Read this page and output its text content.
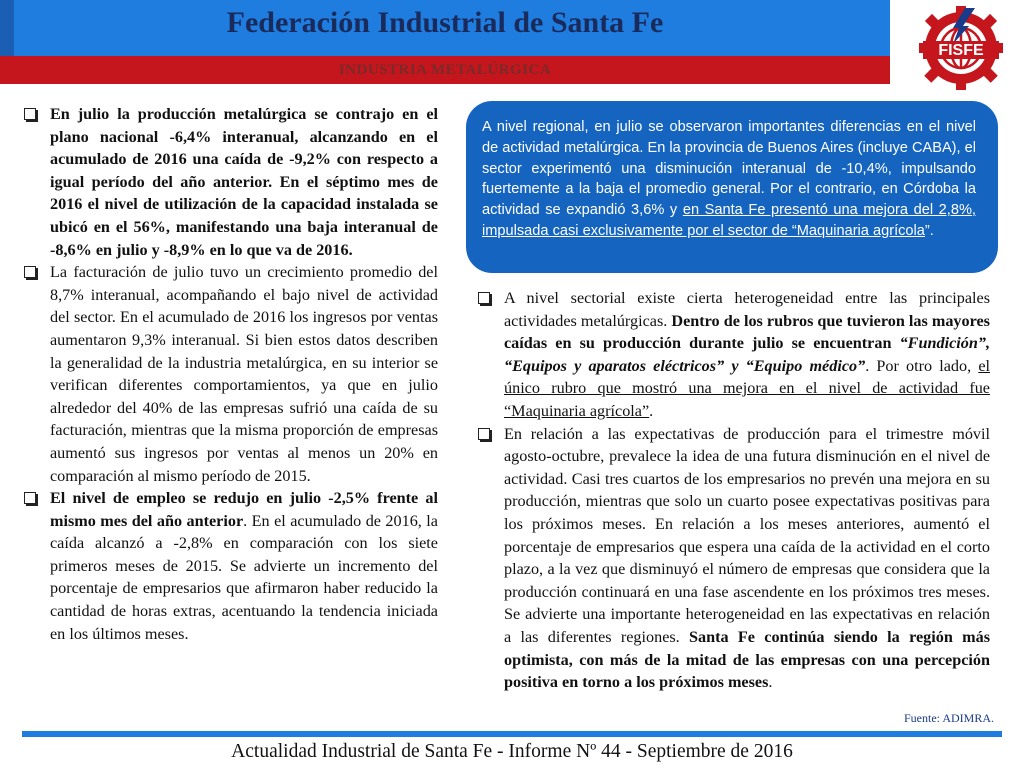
Federación Industrial de Santa Fe
INDUSTRIA METALÚRGICA
FISFE

En julio la producción metalúrgica se contrajo en el plano nacional -6,4% interanual, alcanzando en el acumulado de 2016 una caída de -9,2% con respecto a igual período del año anterior. En el séptimo mes de 2016 el nivel de utilización de la capacidad instalada se ubicó en el 56%, manifestando una baja interanual de -8,6% en julio y -8,9% en lo que va de 2016.

La facturación de julio tuvo un crecimiento promedio del 8,7% interanual, acompañando el bajo nivel de actividad del sector. En el acumulado de 2016 los ingresos por ventas aumentaron 9,3% interanual. Si bien estos datos describen la generalidad de la industria metalúrgica, en su interior se verifican diferentes comportamientos, ya que en julio alrededor del 40% de las empresas sufrió una caída de su facturación, mientras que la misma proporción de empresas aumentó sus ingresos por ventas al menos un 20% en comparación al mismo período de 2015.

El nivel de empleo se redujo en julio -2,5% frente al mismo mes del año anterior. En el acumulado de 2016, la caída alcanzó a -2,8% en comparación con los siete primeros meses de 2015. Se advierte un incremento del porcentaje de empresarios que afirmaron haber reducido la cantidad de horas extras, acentuando la tendencia iniciada en los últimos meses.

A nivel regional, en julio se observaron importantes diferencias en el nivel de actividad metalúrgica. En la provincia de Buenos Aires (incluye CABA), el sector experimentó una disminución interanual de -10,4%, impulsando fuertemente a la baja el promedio general. Por el contrario, en Córdoba la actividad se expandió 3,6% y en Santa Fe presentó una mejora del 2,8%, impulsada casi exclusivamente por el sector de “Maquinaria agrícola”.

A nivel sectorial existe cierta heterogeneidad entre las principales actividades metalúrgicas. Dentro de los rubros que tuvieron las mayores caídas en su producción durante julio se encuentran “Fundición”, “Equipos y aparatos eléctricos” y “Equipo médico”. Por otro lado, el único rubro que mostró una mejora en el nivel de actividad fue “Maquinaria agrícola”.

En relación a las expectativas de producción para el trimestre móvil agosto-octubre, prevalece la idea de una futura disminución en el nivel de actividad. Casi tres cuartos de los empresarios no prevén una mejora en su producción, mientras que solo un cuarto posee expectativas positivas para los próximos meses. En relación a los meses anteriores, aumentó el porcentaje de empresarios que espera una caída de la actividad en el corto plazo, a la vez que disminuyó el número de empresas que considera que la producción continuará en una fase ascendente en los próximos tres meses. Se advierte una importante heterogeneidad en las expectativas en relación a las diferentes regiones. Santa Fe continúa siendo la región más optimista, con más de la mitad de las empresas con una percepción positiva en torno a los próximos meses.

Fuente: ADIMRA.
Actualidad Industrial de Santa Fe - Informe Nº 44 - Septiembre de 2016
